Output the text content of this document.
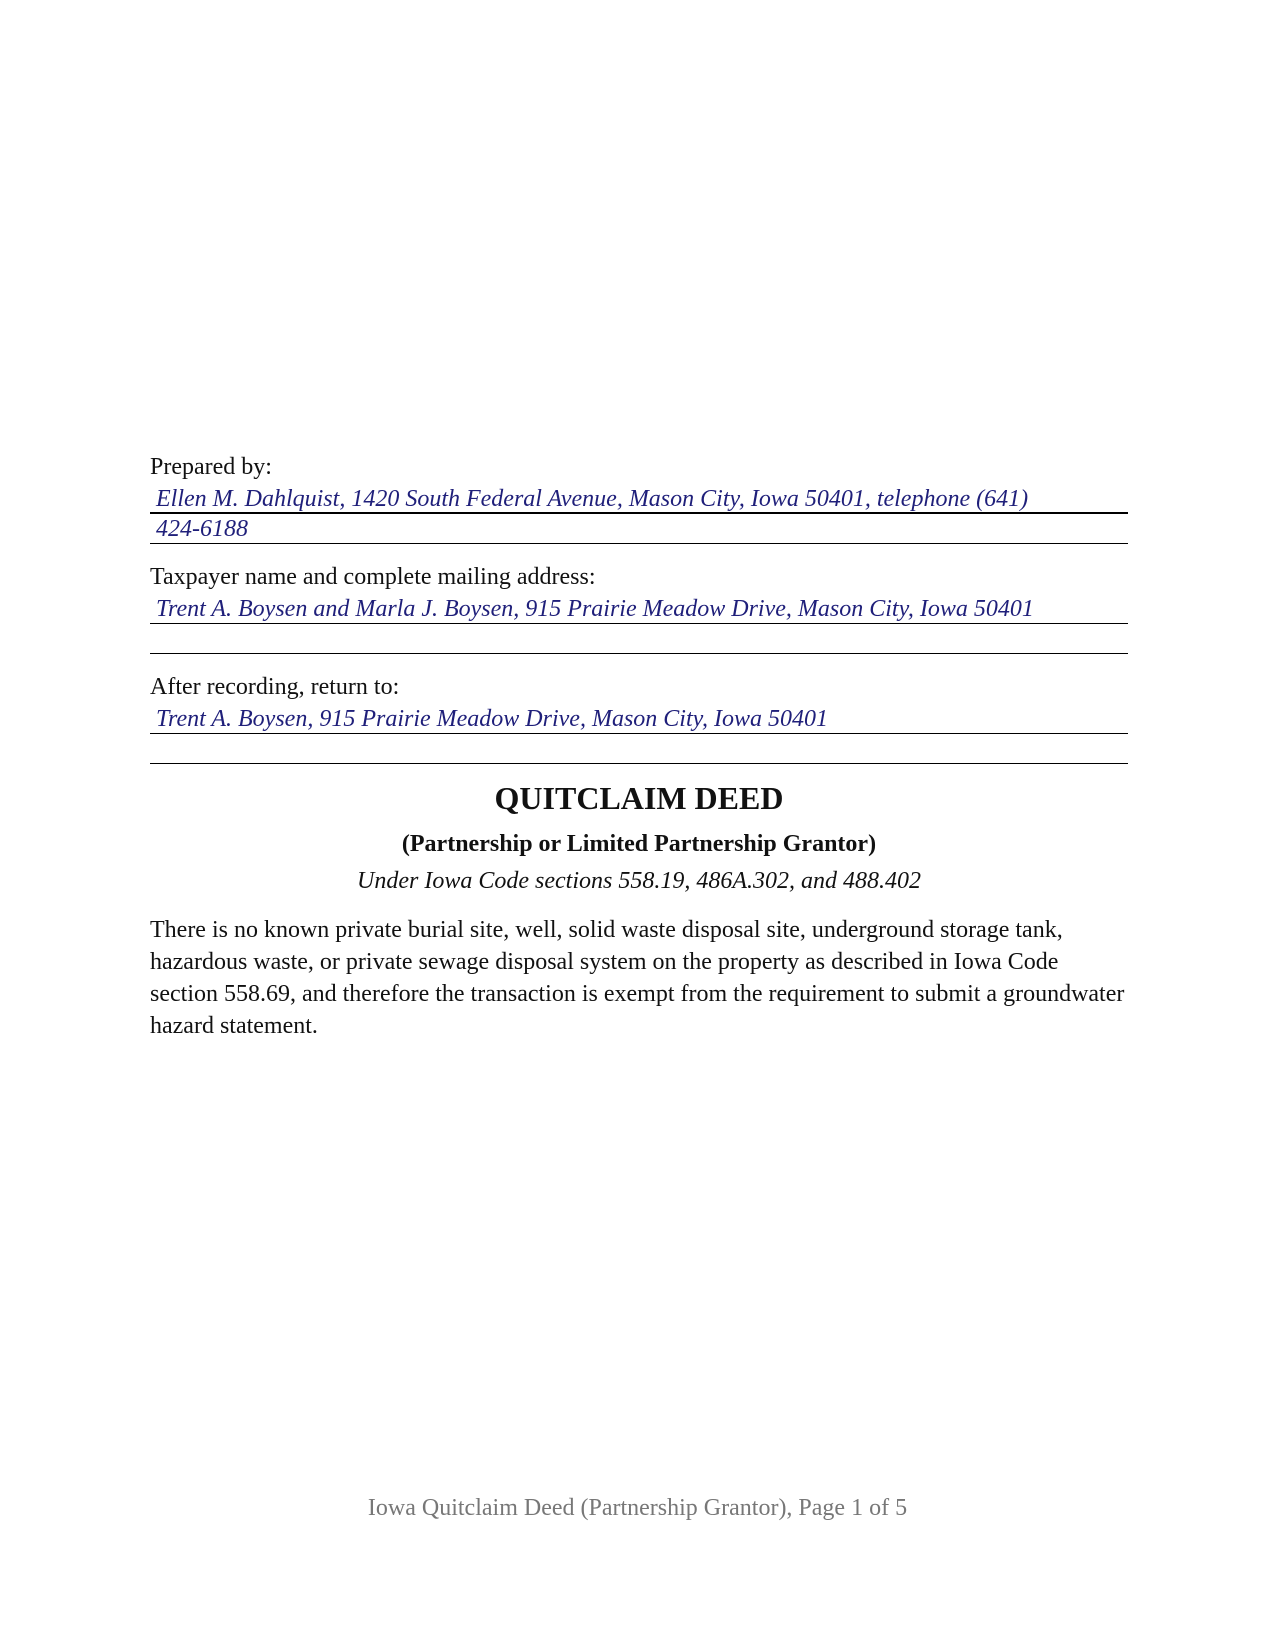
Prepared by:

Ellen M. Dahlquist, 1420 South Federal Avenue, Mason City, Iowa 50401, telephone (641)
424-6188

Taxpayer name and complete mailing address:

Trent A. Boysen and Marla J. Boysen, 915 Prairie Meadow Drive, Mason City, Iowa 50401

After recording, return to:

Trent A. Boysen, 915 Prairie Meadow Drive, Mason City, Iowa 50401
QUITCLAIM DEED
(Partnership or Limited Partnership Grantor)

Under Iowa Code sections 558.19, 486A.302, and 488.402

There is no known private burial site, well, solid waste disposal site, underground storage tank, hazardous waste, or private sewage disposal system on the property as described in Iowa Code section 558.69, and therefore the transaction is exempt from the requirement to submit a groundwater hazard statement.

Iowa Quitclaim Deed (Partnership Grantor), Page 1 of 5
